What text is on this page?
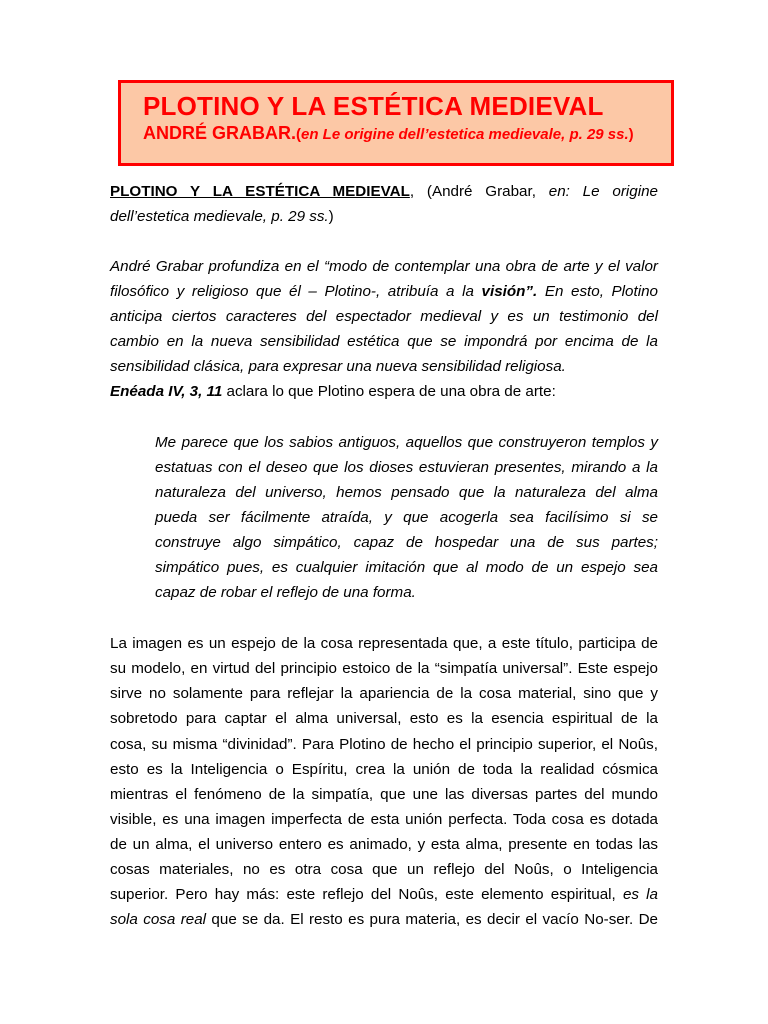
PLOTINO Y LA ESTÉTICA MEDIEVAL
ANDRÉ GRABAR.(en Le origine dell’estetica medievale, p. 29 ss.)
PLOTINO Y LA ESTÉTICA MEDIEVAL, (André Grabar, en: Le origine
dell’estetica medievale, p. 29 ss.)
André Grabar profundiza en el “modo de contemplar una obra de arte y el valor
filosófico y religioso que él – Plotino-, atribuía a la visión”. En esto, Plotino
anticipa ciertos caracteres del espectador medieval y es un testimonio del
cambio en la nueva sensibilidad estética que se impondrá por encima de la
sensibilidad clásica, para expresar una nueva sensibilidad religiosa.
Enéada IV, 3, 11 aclara lo que Plotino espera de una obra de arte:
Me parece que los sabios antiguos, aquellos que construyeron templos y
estatuas con el deseo que los dioses estuvieran presentes, mirando a la
naturaleza del universo, hemos pensado que la naturaleza del alma
pueda ser fácilmente atraída, y que acogerla sea facilísimo si se
construye algo simpático, capaz de hospedar una de sus partes;
simpático pues, es cualquier imitación que al modo de un espejo sea
capaz de robar el reflejo de una forma.
La imagen es un espejo de la cosa representada que, a este título, participa de
su modelo, en virtud del principio estoico de la “simpatía universal”. Este espejo
sirve no solamente para reflejar la apariencia de la cosa material, sino que y
sobretodo para captar el alma universal, esto es la esencia espiritual de la
cosa, su misma “divinidad”. Para Plotino de hecho el principio superior, el Noûs,
esto es la Inteligencia o Espíritu, crea la unión de toda la realidad cósmica
mientras el fenómeno de la simpatía, que une las diversas partes del mundo
visible, es una imagen imperfecta de esta unión perfecta. Toda cosa es dotada
de un alma, el universo entero es animado, y esta alma, presente en todas las
cosas materiales, no es otra cosa que un reflejo del Noûs, o Inteligencia
superior. Pero hay más: este reflejo del Noûs, este elemento espiritual, es la
sola cosa real que se da. El resto es pura materia, es decir el vacío No-ser. De
